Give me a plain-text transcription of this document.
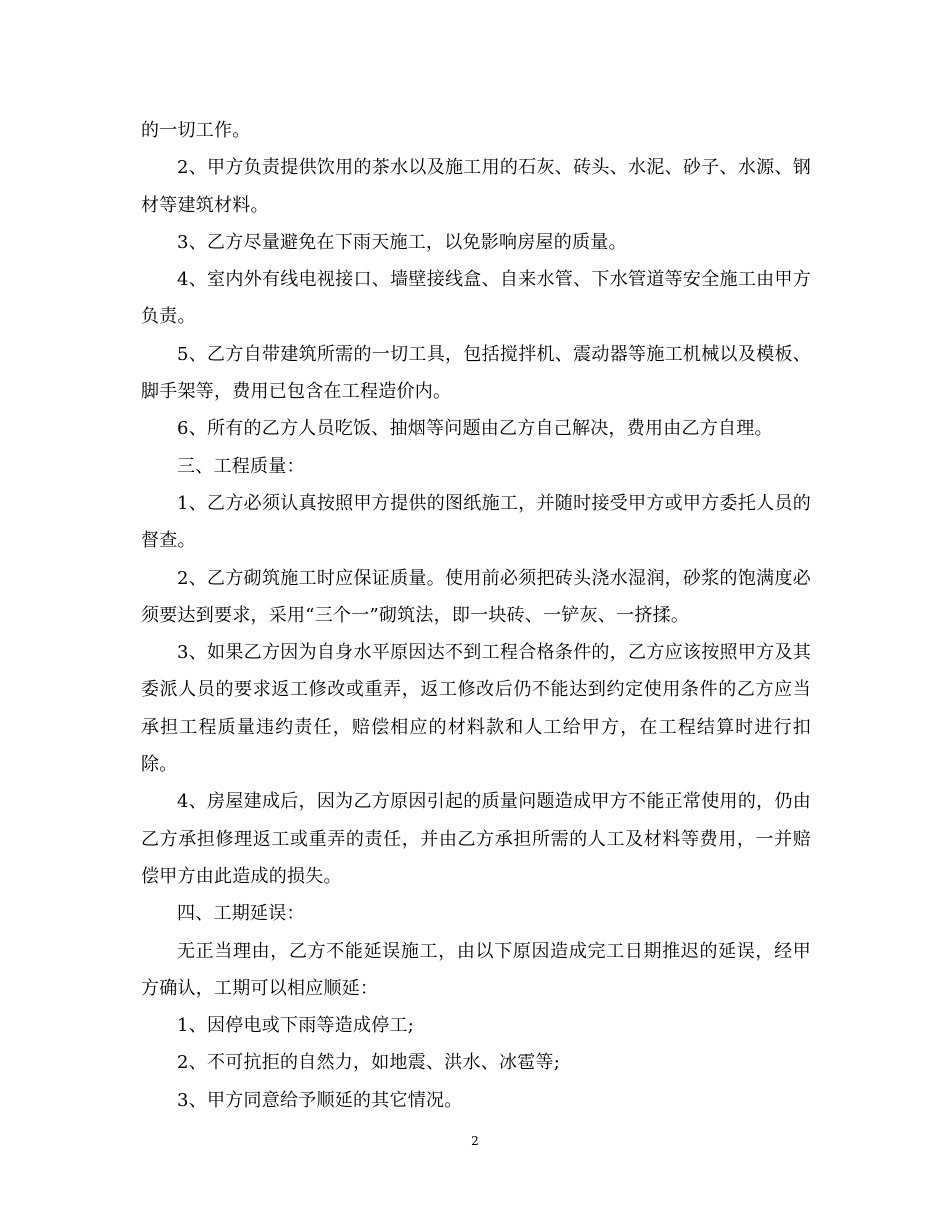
的一切工作。

2、甲方负责提供饮用的茶水以及施工用的石灰、砖头、水泥、砂子、水源、钢材等建筑材料。

3、乙方尽量避免在下雨天施工，以免影响房屋的质量。

4、室内外有线电视接口、墙壁接线盒、自来水管、下水管道等安全施工由甲方负责。

5、乙方自带建筑所需的一切工具，包括搅拌机、震动器等施工机械以及模板、脚手架等，费用已包含在工程造价内。

6、所有的乙方人员吃饭、抽烟等问题由乙方自己解决，费用由乙方自理。

三、工程质量：

1、乙方必须认真按照甲方提供的图纸施工，并随时接受甲方或甲方委托人员的督查。

2、乙方砌筑施工时应保证质量。使用前必须把砖头浇水湿润，砂浆的饱满度必须要达到要求，采用“三个一”砌筑法，即一块砖、一铲灰、一挤揉。

3、如果乙方因为自身水平原因达不到工程合格条件的，乙方应该按照甲方及其委派人员的要求返工修改或重弄，返工修改后仍不能达到约定使用条件的乙方应当承担工程质量违约责任，赔偿相应的材料款和人工给甲方，在工程结算时进行扣除。

4、房屋建成后，因为乙方原因引起的质量问题造成甲方不能正常使用的，仍由乙方承担修理返工或重弄的责任，并由乙方承担所需的人工及材料等费用，一并赔偿甲方由此造成的损失。

四、工期延误：

无正当理由，乙方不能延误施工，由以下原因造成完工日期推迟的延误，经甲方确认，工期可以相应顺延：

1、因停电或下雨等造成停工;

2、不可抗拒的自然力，如地震、洪水、冰雹等;

3、甲方同意给予顺延的其它情况。

2
